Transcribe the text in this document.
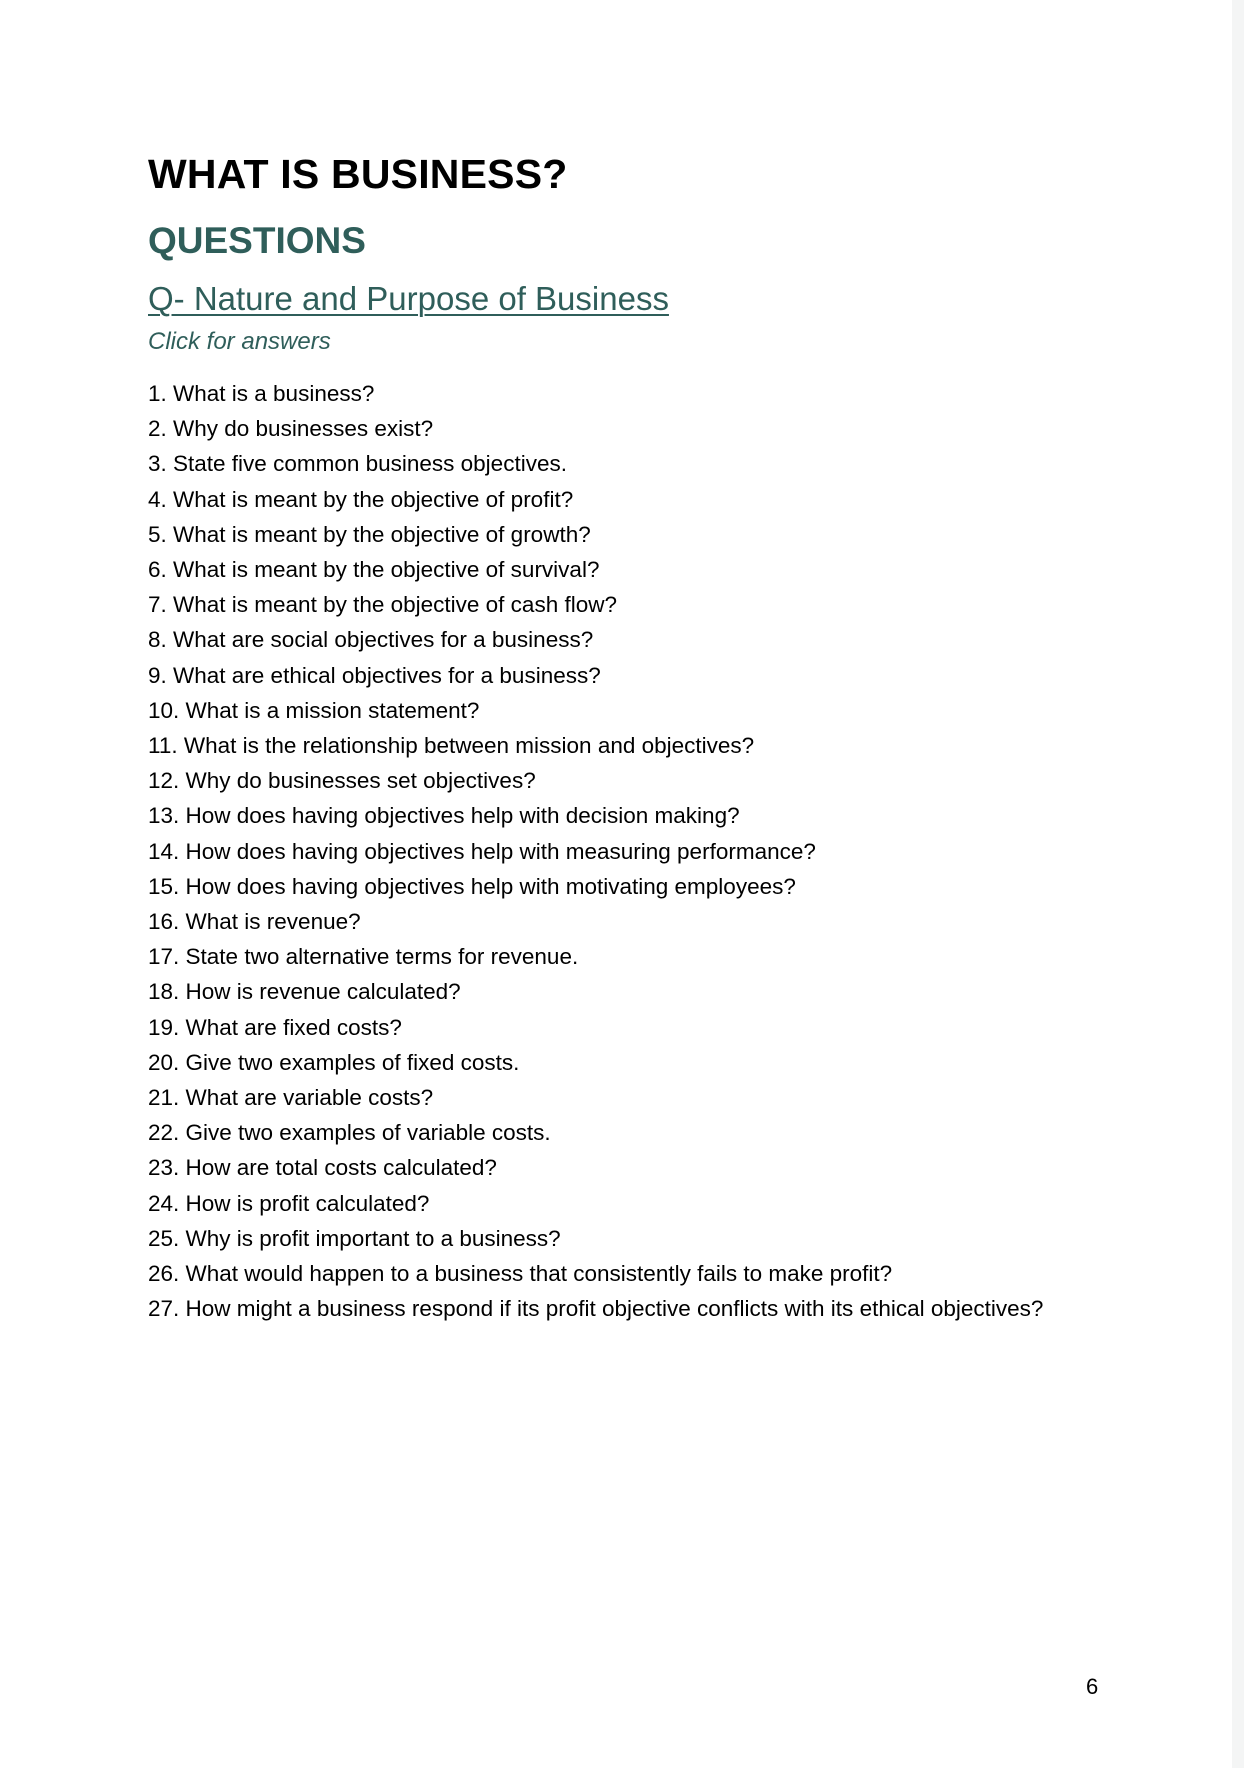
WHAT IS BUSINESS?
QUESTIONS
Q- Nature and Purpose of Business
Click for answers
1. What is a business?
2. Why do businesses exist?
3. State five common business objectives.
4. What is meant by the objective of profit?
5. What is meant by the objective of growth?
6. What is meant by the objective of survival?
7. What is meant by the objective of cash flow?
8. What are social objectives for a business?
9. What are ethical objectives for a business?
10. What is a mission statement?
11. What is the relationship between mission and objectives?
12. Why do businesses set objectives?
13. How does having objectives help with decision making?
14. How does having objectives help with measuring performance?
15. How does having objectives help with motivating employees?
16. What is revenue?
17. State two alternative terms for revenue.
18. How is revenue calculated?
19. What are fixed costs?
20. Give two examples of fixed costs.
21. What are variable costs?
22. Give two examples of variable costs.
23. How are total costs calculated?
24. How is profit calculated?
25. Why is profit important to a business?
26. What would happen to a business that consistently fails to make profit?
27. How might a business respond if its profit objective conflicts with its ethical objectives?
6
